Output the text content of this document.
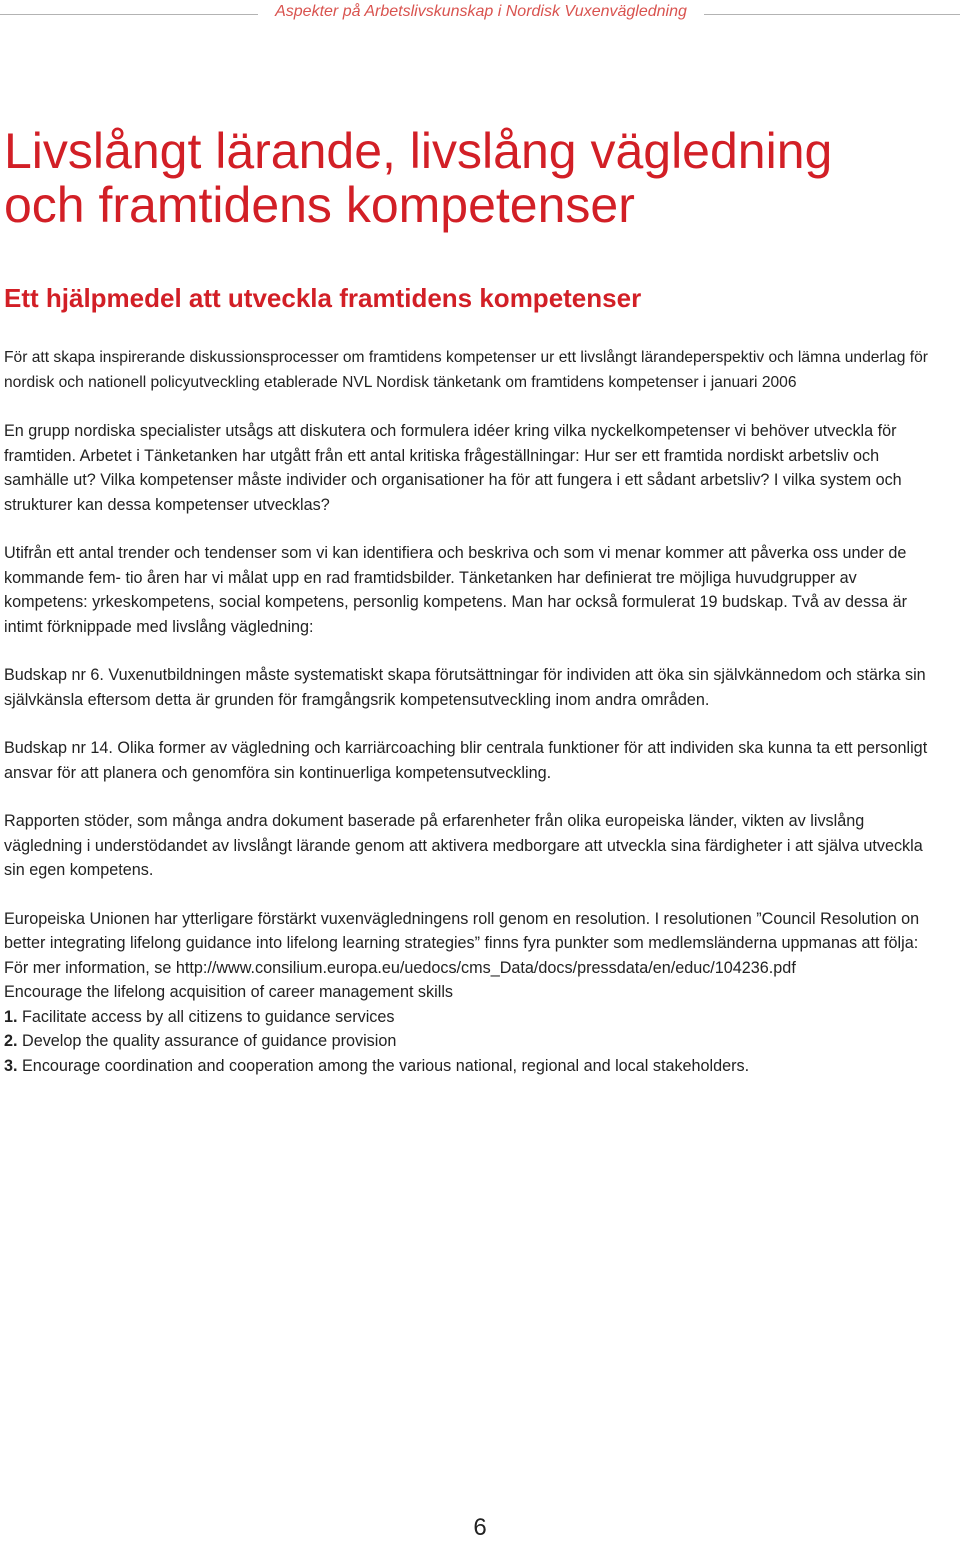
Aspekter på Arbetslivskunskap i Nordisk Vuxenvägledning
Livslångt lärande, livslång vägledning
och framtidens kompetenser
Ett hjälpmedel att utveckla framtidens kompetenser

För att skapa inspirerande diskussionsprocesser om framtidens kompetenser ur ett livslångt lärandeperspektiv och lämna underlag för nordisk och nationell policyutveckling etablerade NVL Nordisk tänketank om framtidens kompetenser i januari 2006

En grupp nordiska specialister utsågs att diskutera och formulera idéer kring vilka nyckelkompetenser vi behöver utveckla för framtiden. Arbetet i Tänketanken har utgått från ett antal kritiska frågeställningar: Hur ser ett framtida nordiskt arbetsliv och samhälle ut? Vilka kompetenser måste individer och organisationer ha för att fungera i ett sådant arbetsliv? I vilka system och strukturer kan dessa kompetenser utvecklas?

Utifrån ett antal trender och tendenser som vi kan identifiera och beskriva och som vi menar kommer att påverka oss under de kommande fem- tio åren har vi målat upp en rad framtidsbilder. Tänketanken har definierat tre möjliga huvudgrupper av kompetens: yrkeskompetens, social kompetens, personlig kompetens. Man har också formulerat 19 budskap. Två av dessa är intimt förknippade med livslång vägledning:

Budskap nr 6. Vuxenutbildningen måste systematiskt skapa förutsättningar för individen att öka sin självkännedom och stärka sin självkänsla eftersom detta är grunden för framgångsrik kompetensutveckling inom andra områden.

Budskap nr 14. Olika former av vägledning och karriärcoaching blir centrala funktioner för att individen ska kunna ta ett personligt ansvar för att planera och genomföra sin kontinuerliga kompetensutveckling.

Rapporten stöder, som många andra dokument baserade på erfarenheter från olika europeiska länder, vikten av livslång vägledning i understödandet av livslångt lärande genom att aktivera medborgare att utveckla sina färdigheter i att själva utveckla sin egen kompetens.

Europeiska Unionen har ytterligare förstärkt vuxenvägledningens roll genom en resolution. I resolutionen ”Council Resolution on better integrating lifelong guidance into lifelong learning strategies” finns fyra punkter som medlemsländerna uppmanas att följa:

För mer information, se http://www.consilium.europa.eu/uedocs/cms_Data/docs/pressdata/en/educ/104236.pdf

Encourage the lifelong acquisition of career management skills

1. Facilitate access by all citizens to guidance services

2. Develop the quality assurance of guidance provision

3. Encourage coordination and cooperation among the various national, regional and local stakeholders.

6
